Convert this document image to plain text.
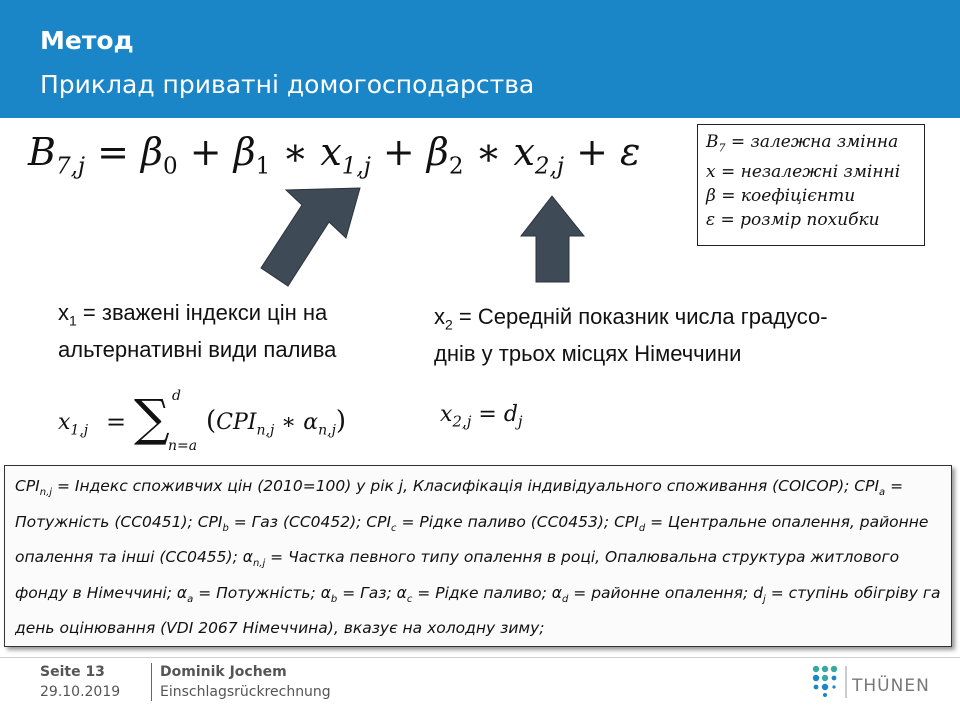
Метод
Приклад приватні домогосподарства
$B_{7,j} = \beta_0 + \beta_1$ ∗ $x_{1,j} + \beta_2$ ∗ $x_{2,j} + \varepsilon$	$B_7$ = залежна змінна
x = незалежні змінні
β = коефіцієнти
ε = розмір похибки
$x_1$ = зважені індекси цін на
альтернативні види палива
$x_2$ = Середній показник числа градусо-
днів у трьох місцях Німеччини
$x_{1,j}$ = ∑ d
n=a
($CPI_{n,j}$ ∗ $\alpha_{n,j}$)	$x_{2,j} = d_j$
$CPI_{n,j}$ = Індекс споживчих цін (2010=100) у рік j, Класифікація індивідуального споживання (COICOP); $CPI_a$ = Потужність (CC0451); $CPI_b$ = Газ (CC0452); $CPI_c$ = Рідке паливо (CC0453); $CPI_d$ = Центральне опалення, районне опалення та інші (CC0455); $\alpha_{n,j}$ = Частка певного типу опалення в році, Опалювальна структура житлового фонду в Німеччині; $\alpha_a$ = Потужність; $\alpha_b$ = Газ; $\alpha_c$ = Рідке паливо; $\alpha_d$ = районне опалення; $d_j$ = ступінь обігріву га день оцінювання (VDI 2067 Німеччина), вказує на холодну зиму;
Seite 13
29.10.2019
Dominik Jochem
Einschlagsrückrechnung	THÜNEN
